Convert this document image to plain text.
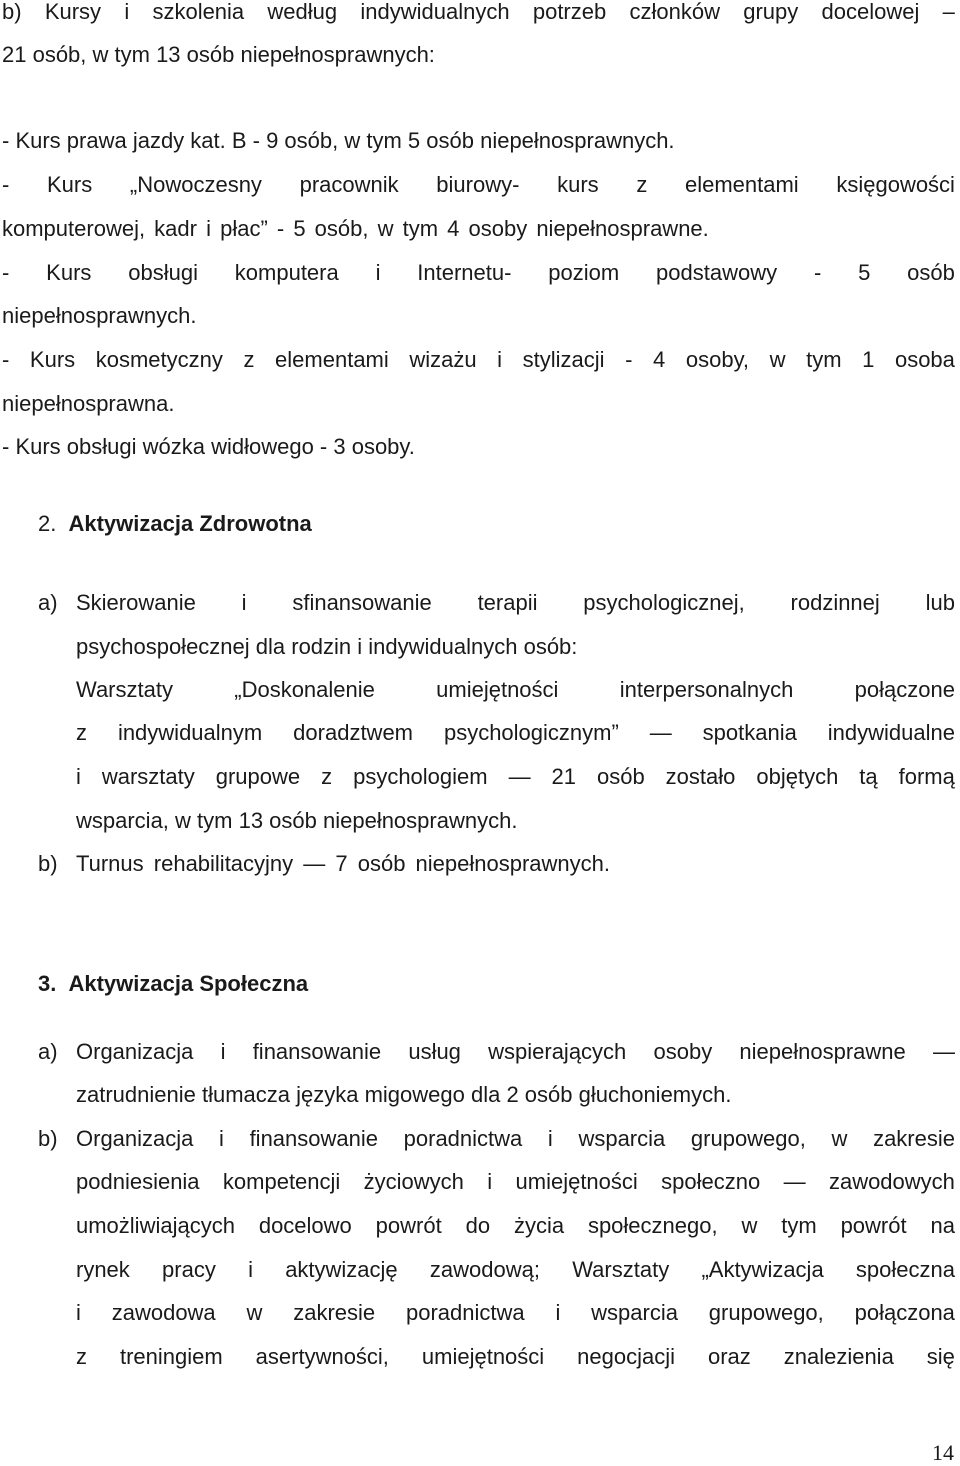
b) Kursy i szkolenia według indywidualnych potrzeb członków grupy docelowej –
21 osób, w tym 13 osób niepełnosprawnych:
- Kurs prawa jazdy kat. B - 9 osób, w tym 5 osób niepełnosprawnych.
- Kurs „Nowoczesny pracownik biurowy- kurs z elementami księgowości
komputerowej, kadr i płac” - 5 osób, w tym 4 osoby niepełnosprawne.
- Kurs obsługi komputera i Internetu- poziom podstawowy - 5 osób
niepełnosprawnych.
- Kurs kosmetyczny z elementami wizażu i stylizacji - 4 osoby, w tym 1 osoba
niepełnosprawna.
- Kurs obsługi wózka widłowego - 3 osoby.
2. Aktywizacja Zdrowotna
a) Skierowanie i sfinansowanie terapii psychologicznej, rodzinnej lub
psychospołecznej dla rodzin i indywidualnych osób:
Warsztaty	„Doskonalenie	umiejętności	interpersonalnych	połączone
z indywidualnym doradztwem psychologicznym” — spotkania indywidualne
i warsztaty grupowe z psychologiem — 21 osób zostało objętych tą formą
wsparcia, w tym 13 osób niepełnosprawnych.
b) Turnus rehabilitacyjny — 7 osób niepełnosprawnych.
3. Aktywizacja Społeczna
a) Organizacja i finansowanie usług wspierających osoby niepełnosprawne —
zatrudnienie tłumacza języka migowego dla 2 osób głuchoniemych.
b) Organizacja i finansowanie poradnictwa i wsparcia grupowego, w zakresie
podniesienia kompetencji życiowych i umiejętności społeczno — zawodowych
umożliwiających docelowo powrót do życia społecznego, w tym powrót na
rynek pracy i aktywizację zawodową; Warsztaty „Aktywizacja społeczna
i zawodowa w zakresie poradnictwa i wsparcia grupowego, połączona
z treningiem asertywności, umiejętności negocjacji oraz znalezienia się
14
